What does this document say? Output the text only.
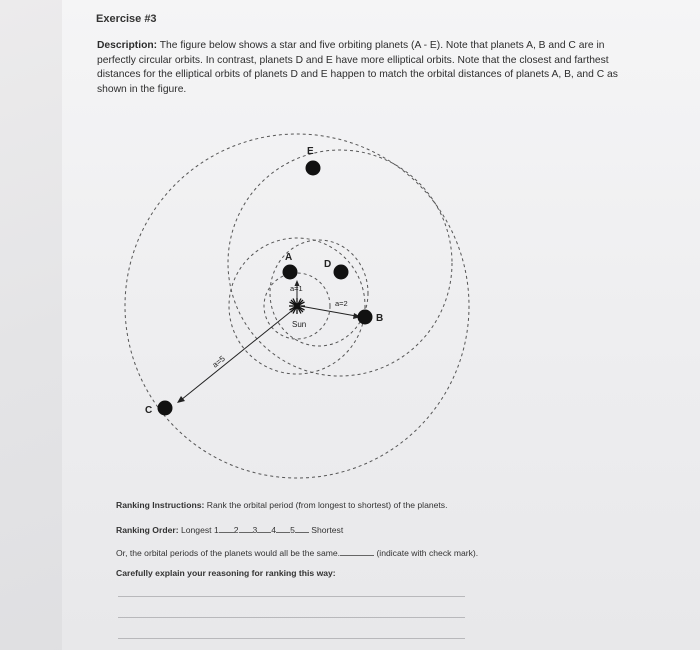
Exercise #3
Description: The figure below shows a star and five orbiting planets (A - E). Note that planets A, B and C are in perfectly circular orbits. In contrast, planets D and E have more elliptical orbits. Note that the closest and farthest distances for the elliptical orbits of planets D and E happen to match the orbital distances of planets A, B, and C as shown in the figure.
A
B
C
D
E
a=1
a=2
a=5
Sun
Ranking Instructions: Rank the orbital period (from longest to shortest) of the planets.
Ranking Order: Longest 1 2 3 4 5 Shortest
Or, the orbital periods of the planets would all be the same.	(indicate with check mark).
Carefully explain your reasoning for ranking this way:
